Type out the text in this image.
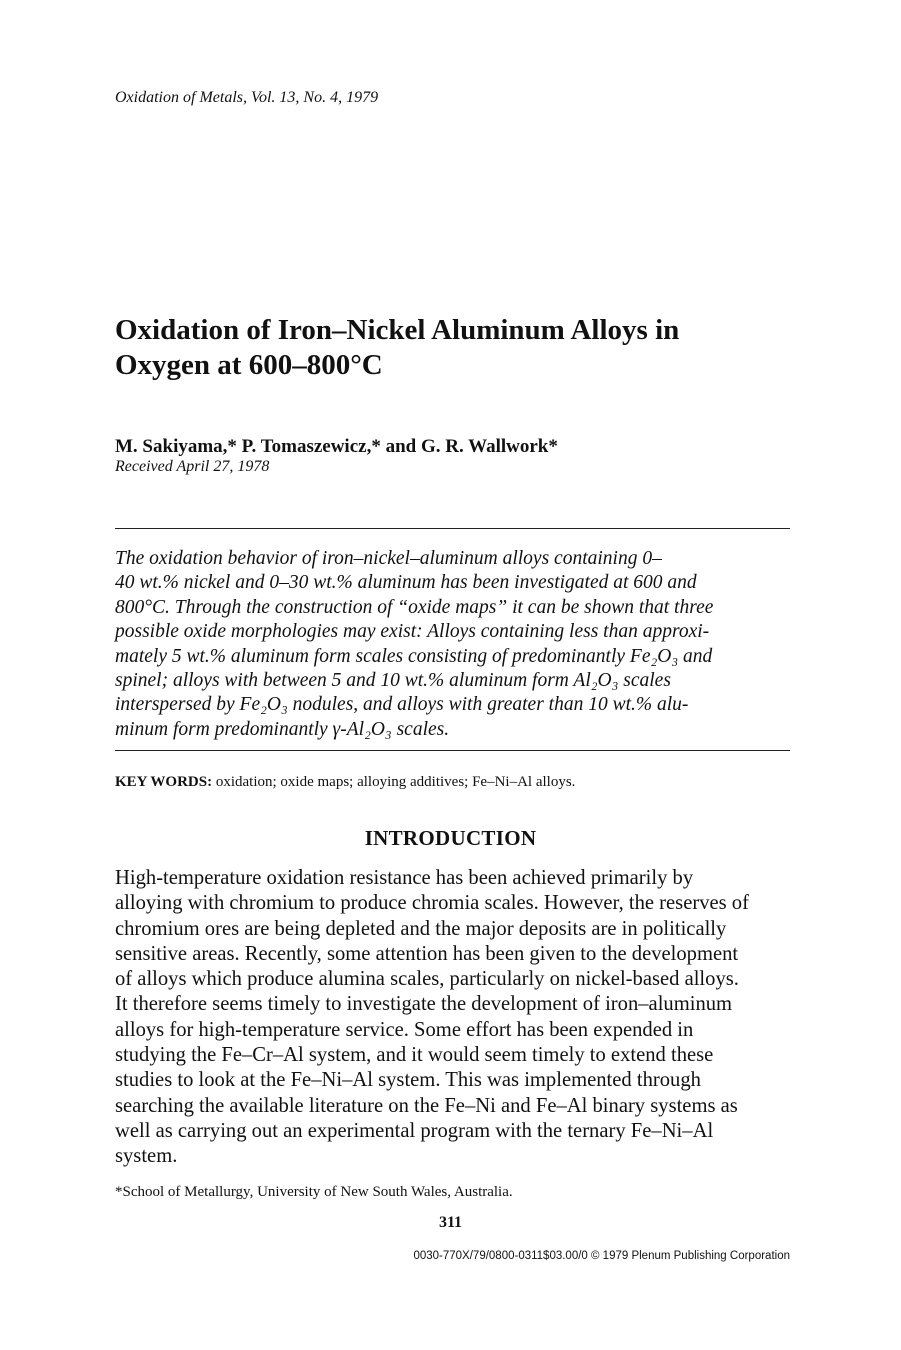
Oxidation of Metals, Vol. 13, No. 4, 1979
Oxidation of Iron–Nickel Aluminum Alloys in
Oxygen at 600–800°C
M. Sakiyama,* P. Tomaszewicz,* and G. R. Wallwork*
Received April 27, 1978

The oxidation behavior of iron–nickel–aluminum alloys containing 0–
40 wt.% nickel and 0–30 wt.% aluminum has been investigated at 600 and
800°C. Through the construction of “oxide maps” it can be shown that three
possible oxide morphologies may exist: Alloys containing less than approxi-
mately 5 wt.% aluminum form scales consisting of predominantly Fe₂O₃ and
spinel; alloys with between 5 and 10 wt.% aluminum form Al₂O₃ scales
interspersed by Fe₂O₃ nodules, and alloys with greater than 10 wt.% alu-
minum form predominantly γ-Al₂O₃ scales.

KEY WORDS: oxidation; oxide maps; alloying additives; Fe–Ni–Al alloys.
INTRODUCTION

High-temperature oxidation resistance has been achieved primarily by
alloying with chromium to produce chromia scales. However, the reserves of
chromium ores are being depleted and the major deposits are in politically
sensitive areas. Recently, some attention has been given to the development
of alloys which produce alumina scales, particularly on nickel-based alloys.
It therefore seems timely to investigate the development of iron–aluminum
alloys for high-temperature service. Some effort has been expended in
studying the Fe–Cr–Al system, and it would seem timely to extend these
studies to look at the Fe–Ni–Al system. This was implemented through
searching the available literature on the Fe–Ni and Fe–Al binary systems as
well as carrying out an experimental program with the ternary Fe–Ni–Al
system.

*School of Metallurgy, University of New South Wales, Australia.
311
0030-770X/79/0800-0311$03.00/0 © 1979 Plenum Publishing Corporation
